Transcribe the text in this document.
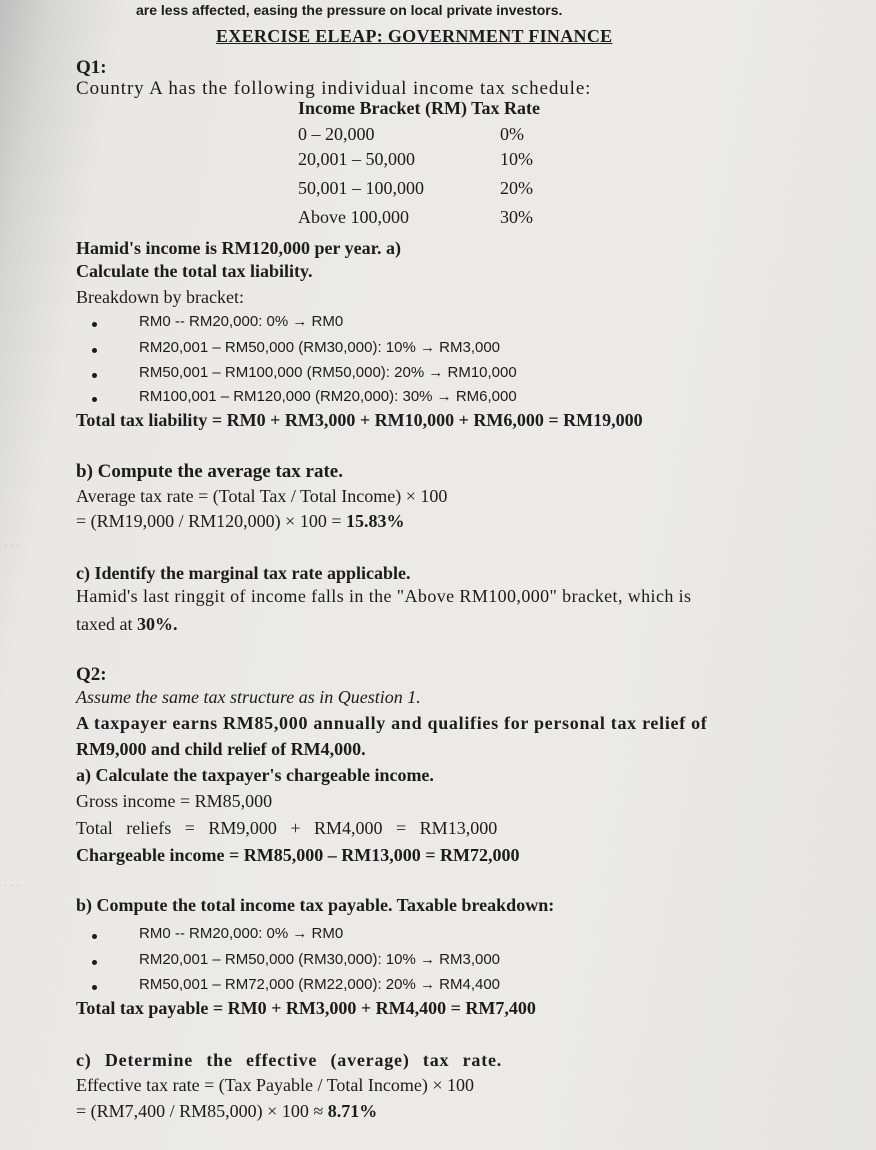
· · ·
· · ·
· · ·
are less affected, easing the pressure on local private investors.
EXERCISE ELEAP: GOVERNMENT FINANCE
Q1:
Country A has the following individual income tax schedule:
Income Bracket (RM) Tax Rate
0 – 20,000	0%
20,001 – 50,000	10%
50,001 – 100,000	20%
Above 100,000	30%
Hamid's income is RM120,000 per year. a)
Calculate the total tax liability.
Breakdown by bracket:
RM0 -- RM20,000: 0% → RM0
RM20,001 – RM50,000 (RM30,000): 10% → RM3,000
RM50,001 – RM100,000 (RM50,000): 20% → RM10,000
RM100,001 – RM120,000 (RM20,000): 30% → RM6,000
Total tax liability = RM0 + RM3,000 + RM10,000 + RM6,000 = RM19,000
b) Compute the average tax rate.
Average tax rate = (Total Tax / Total Income) × 100
= (RM19,000 / RM120,000) × 100 = 15.83%
c) Identify the marginal tax rate applicable.
Hamid's last ringgit of income falls in the "Above RM100,000" bracket, which is
taxed at 30%.
Q2:
Assume the same tax structure as in Question 1.
A taxpayer earns RM85,000 annually and qualifies for personal tax relief of
RM9,000 and child relief of RM4,000.
a) Calculate the taxpayer's chargeable income.
Gross income = RM85,000
Total reliefs = RM9,000 + RM4,000 = RM13,000
Chargeable income = RM85,000 – RM13,000 = RM72,000
b) Compute the total income tax payable. Taxable breakdown:
RM0 -- RM20,000: 0% → RM0
RM20,001 – RM50,000 (RM30,000): 10% → RM3,000
RM50,001 – RM72,000 (RM22,000): 20% → RM4,400
Total tax payable = RM0 + RM3,000 + RM4,400 = RM7,400
c) Determine the effective (average) tax rate.
Effective tax rate = (Tax Payable / Total Income) × 100
= (RM7,400 / RM85,000) × 100 ≈ 8.71%
